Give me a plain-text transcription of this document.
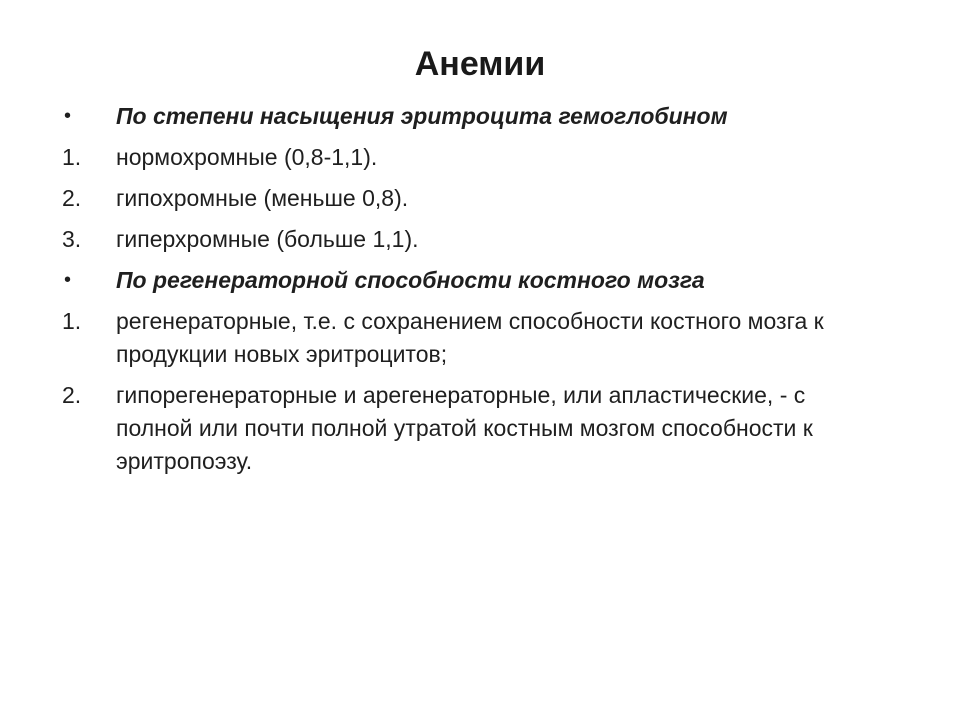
Анемии
•	По степени насыщения эритроцита гемоглобином
1.	нормохромные (0,8-1,1).
2.	гипохромные (меньше 0,8).
3.	гиперхромные (больше 1,1).
•	По регенераторной способности костного мозга
1.	регенераторные, т.е. с сохранением способности костного мозга к продукции новых эритроцитов;
2.	гипорегенераторные и арегенераторные, или апластические, - с полной или почти полной утратой костным мозгом способности к эритропоэзу.
